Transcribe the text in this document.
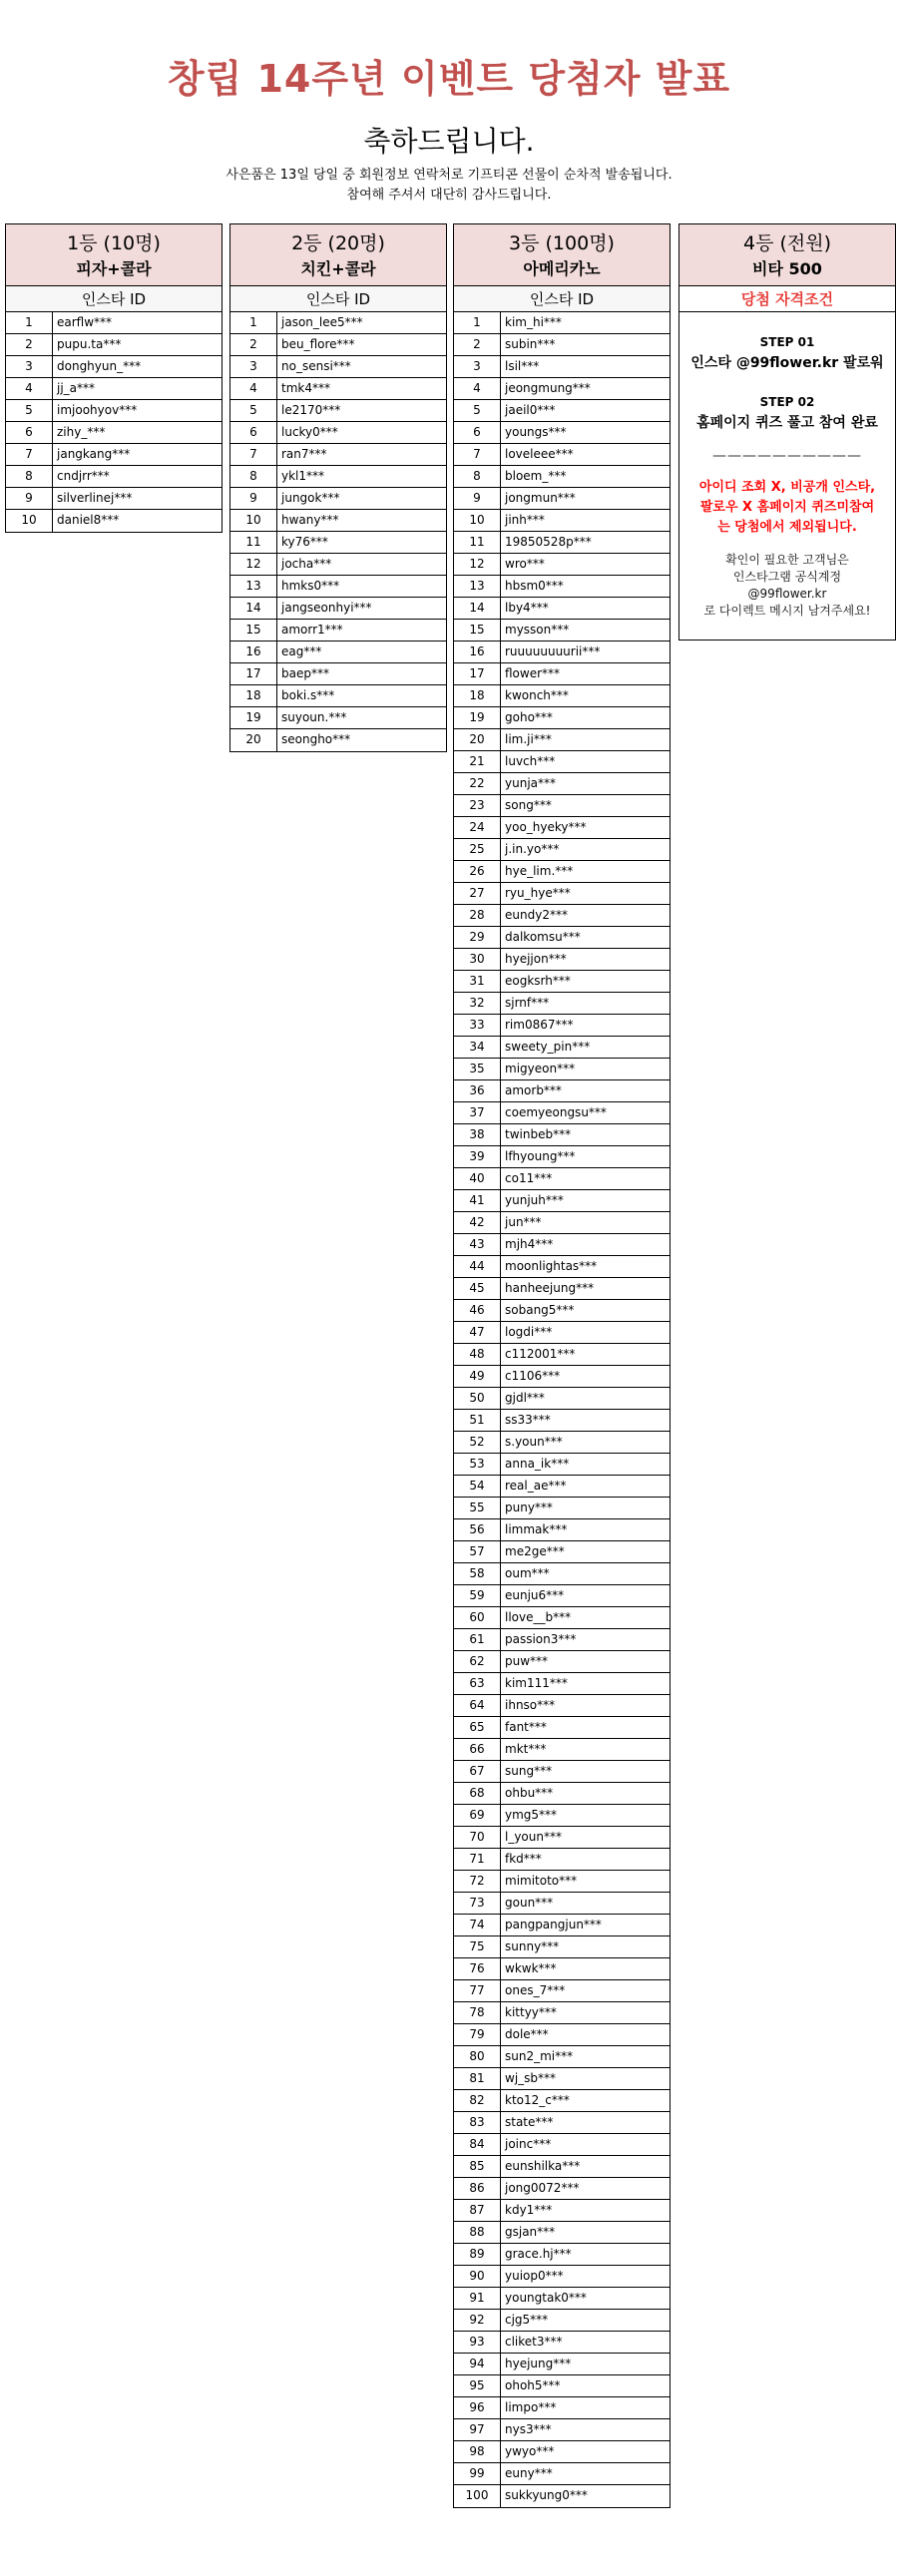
창립 14주년 이벤트 당첨자 발표
축하드립니다.
사은품은 13일 당일 중 회원정보 연락처로 기프티콘 선물이 순차적 발송됩니다.
참여해 주셔서 대단히 감사드립니다.
1등 (10명)
피자+콜라
인스타 ID
1	earflw***
2	pupu.ta***
3	donghyun_***
4	jj_a***
5	imjoohyov***
6	zihy_***
7	jangkang***
8	cndjrr***
9	silverlinej***
10	daniel8***
2등 (20명)
치킨+콜라
인스타 ID
1	jason_lee5***
2	beu_flore***
3	no_sensi***
4	tmk4***
5	le2170***
6	lucky0***
7	ran7***
8	ykl1***
9	jungok***
10	hwany***
11	ky76***
12	jocha***
13	hmks0***
14	jangseonhyi***
15	amorr1***
16	eag***
17	baep***
18	boki.s***
19	suyoun.***
20	seongho***
3등 (100명)
아메리카노
인스타 ID
1	kim_hi***
2	subin***
3	lsil***
4	jeongmung***
5	jaeil0***
6	youngs***
7	loveleee***
8	bloem_***
9	jongmun***
10	jinh***
11	19850528p***
12	wro***
13	hbsm0***
14	lby4***
15	mysson***
16	ruuuuuuuurii***
17	flower***
18	kwonch***
19	goho***
20	lim.ji***
21	luvch***
22	yunja***
23	song***
24	yoo_hyeky***
25	j.in.yo***
26	hye_lim.***
27	ryu_hye***
28	eundy2***
29	dalkomsu***
30	hyejjon***
31	eogksrh***
32	sjrnf***
33	rim0867***
34	sweety_pin***
35	migyeon***
36	amorb***
37	coemyeongsu***
38	twinbeb***
39	lfhyoung***
40	co11***
41	yunjuh***
42	jun***
43	mjh4***
44	moonlightas***
45	hanheejung***
46	sobang5***
47	logdi***
48	c112001***
49	c1106***
50	gjdl***
51	ss33***
52	s.youn***
53	anna_ik***
54	real_ae***
55	puny***
56	limmak***
57	me2ge***
58	oum***
59	eunju6***
60	llove__b***
61	passion3***
62	puw***
63	kim111***
64	ihnso***
65	fant***
66	mkt***
67	sung***
68	ohbu***
69	ymg5***
70	l_youn***
71	fkd***
72	mimitoto***
73	goun***
74	pangpangjun***
75	sunny***
76	wkwk***
77	ones_7***
78	kittyy***
79	dole***
80	sun2_mi***
81	wj_sb***
82	kto12_c***
83	state***
84	joinc***
85	eunshilka***
86	jong0072***
87	kdy1***
88	gsjan***
89	grace.hj***
90	yuiop0***
91	youngtak0***
92	cjg5***
93	cliket3***
94	hyejung***
95	ohoh5***
96	limpo***
97	nys3***
98	ywyo***
99	euny***
100	sukkyung0***
4등 (전원)
비타 500
당첨 자격조건
STEP 01
인스타 @99flower.kr 팔로워
STEP 02
홈페이지 퀴즈 풀고 참여 완료
——————————
아이디 조회 X, 비공개 인스타,
팔로우 X 홈페이지 퀴즈미참여
는 당첨에서 제외됩니다.
확인이 필요한 고객님은
인스타그램 공식계정
@99flower.kr
로 다이렉트 메시지 남겨주세요!
